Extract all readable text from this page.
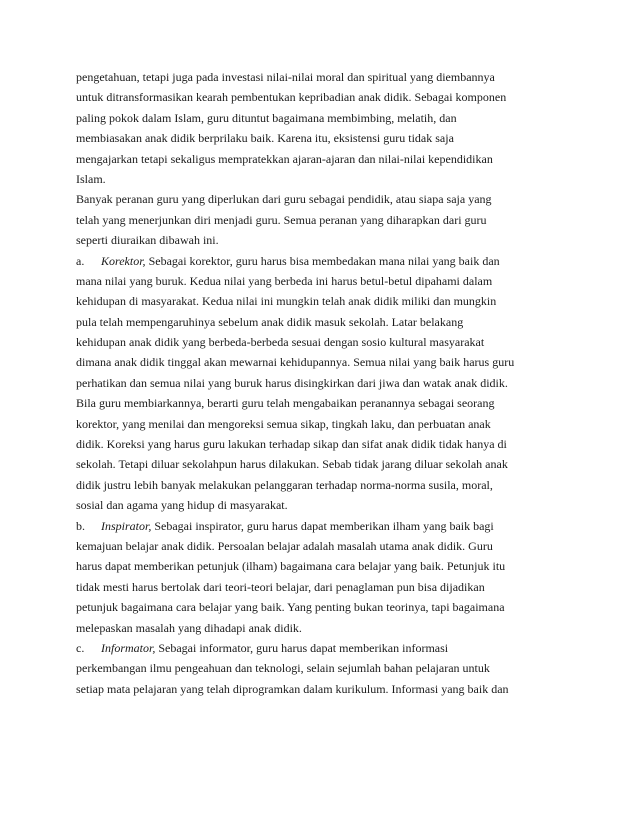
pengetahuan, tetapi juga pada investasi nilai-nilai moral dan spiritual yang diembannya
untuk ditransformasikan kearah pembentukan kepribadian anak didik. Sebagai komponen
paling pokok dalam Islam, guru dituntut bagaimana membimbing, melatih, dan
membiasakan anak didik berprilaku baik. Karena itu, eksistensi guru tidak saja
mengajarkan tetapi sekaligus mempratekkan ajaran-ajaran dan nilai-nilai kependidikan
Islam.
Banyak peranan guru yang diperlukan dari guru sebagai pendidik, atau siapa saja yang
telah yang menerjunkan diri menjadi guru. Semua peranan yang diharapkan dari guru
seperti diuraikan dibawah ini.
a. Korektor, Sebagai korektor, guru harus bisa membedakan mana nilai yang baik dan
mana nilai yang buruk. Kedua nilai yang berbeda ini harus betul-betul dipahami dalam
kehidupan di masyarakat. Kedua nilai ini mungkin telah anak didik miliki dan mungkin
pula telah mempengaruhinya sebelum anak didik masuk sekolah. Latar belakang
kehidupan anak didik yang berbeda-berbeda sesuai dengan sosio kultural masyarakat
dimana anak didik tinggal akan mewarnai kehidupannya. Semua nilai yang baik harus guru
perhatikan dan semua nilai yang buruk harus disingkirkan dari jiwa dan watak anak didik.
Bila guru membiarkannya, berarti guru telah mengabaikan peranannya sebagai seorang
korektor, yang menilai dan mengoreksi semua sikap, tingkah laku, dan perbuatan anak
didik. Koreksi yang harus guru lakukan terhadap sikap dan sifat anak didik tidak hanya di
sekolah. Tetapi diluar sekolahpun harus dilakukan. Sebab tidak jarang diluar sekolah anak
didik justru lebih banyak melakukan pelanggaran terhadap norma-norma susila, moral,
sosial dan agama yang hidup di masyarakat.
b. Inspirator, Sebagai inspirator, guru harus dapat memberikan ilham yang baik bagi
kemajuan belajar anak didik. Persoalan belajar adalah masalah utama anak didik. Guru
harus dapat memberikan petunjuk (ilham) bagaimana cara belajar yang baik. Petunjuk itu
tidak mesti harus bertolak dari teori-teori belajar, dari penaglaman pun bisa dijadikan
petunjuk bagaimana cara belajar yang baik. Yang penting bukan teorinya, tapi bagaimana
melepaskan masalah yang dihadapi anak didik.
c. Informator, Sebagai informator, guru harus dapat memberikan informasi
perkembangan ilmu pengeahuan dan teknologi, selain sejumlah bahan pelajaran untuk
setiap mata pelajaran yang telah diprogramkan dalam kurikulum. Informasi yang baik dan
